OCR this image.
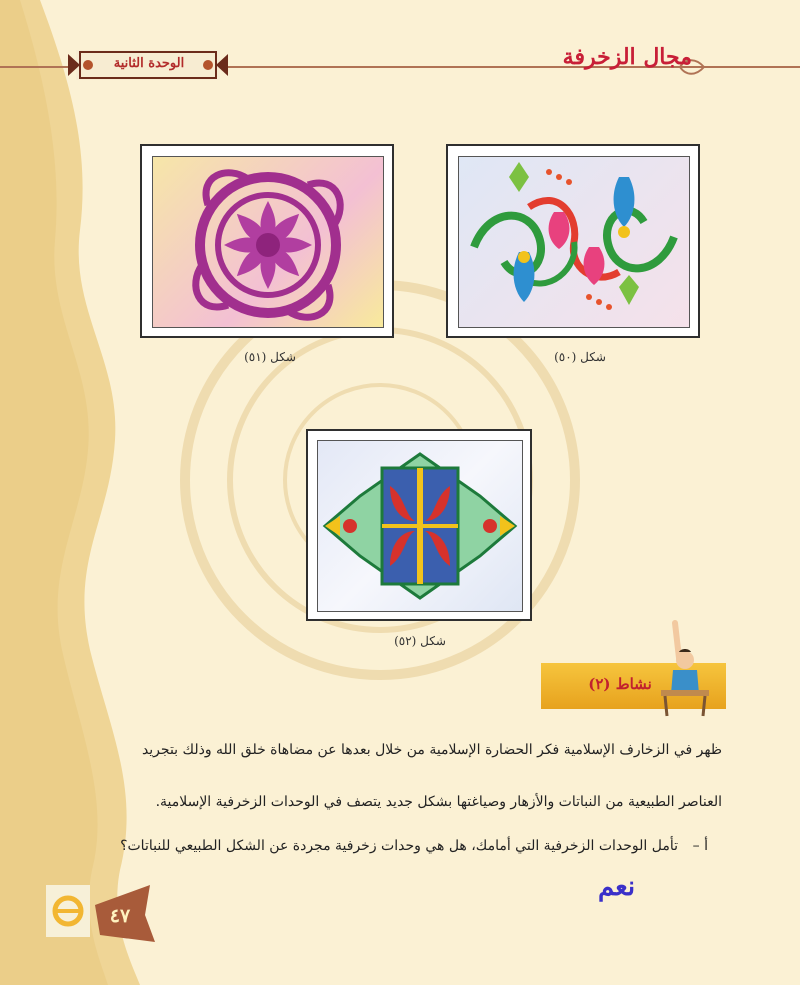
مجال الزخرفة
الوحدة الثانية
شكل (٥٠)
شكل (٥١)
شكل (٥٢)
نشاط (٢)
ظهر في الزخارف الإسلامية فكر الحضارة الإسلامية من خلال بعدها عن مضاهاة خلق الله وذلك بتجريد
العناصر الطبيعية من النباتات والأزهار وصياغتها بشكل جديد يتصف في الوحدات الزخرفية الإسلامية.
أ –
تأمل الوحدات الزخرفية التي أمامك، هل هي وحدات زخرفية مجردة عن الشكل الطبيعي للنباتات؟
نعم
٤٧
